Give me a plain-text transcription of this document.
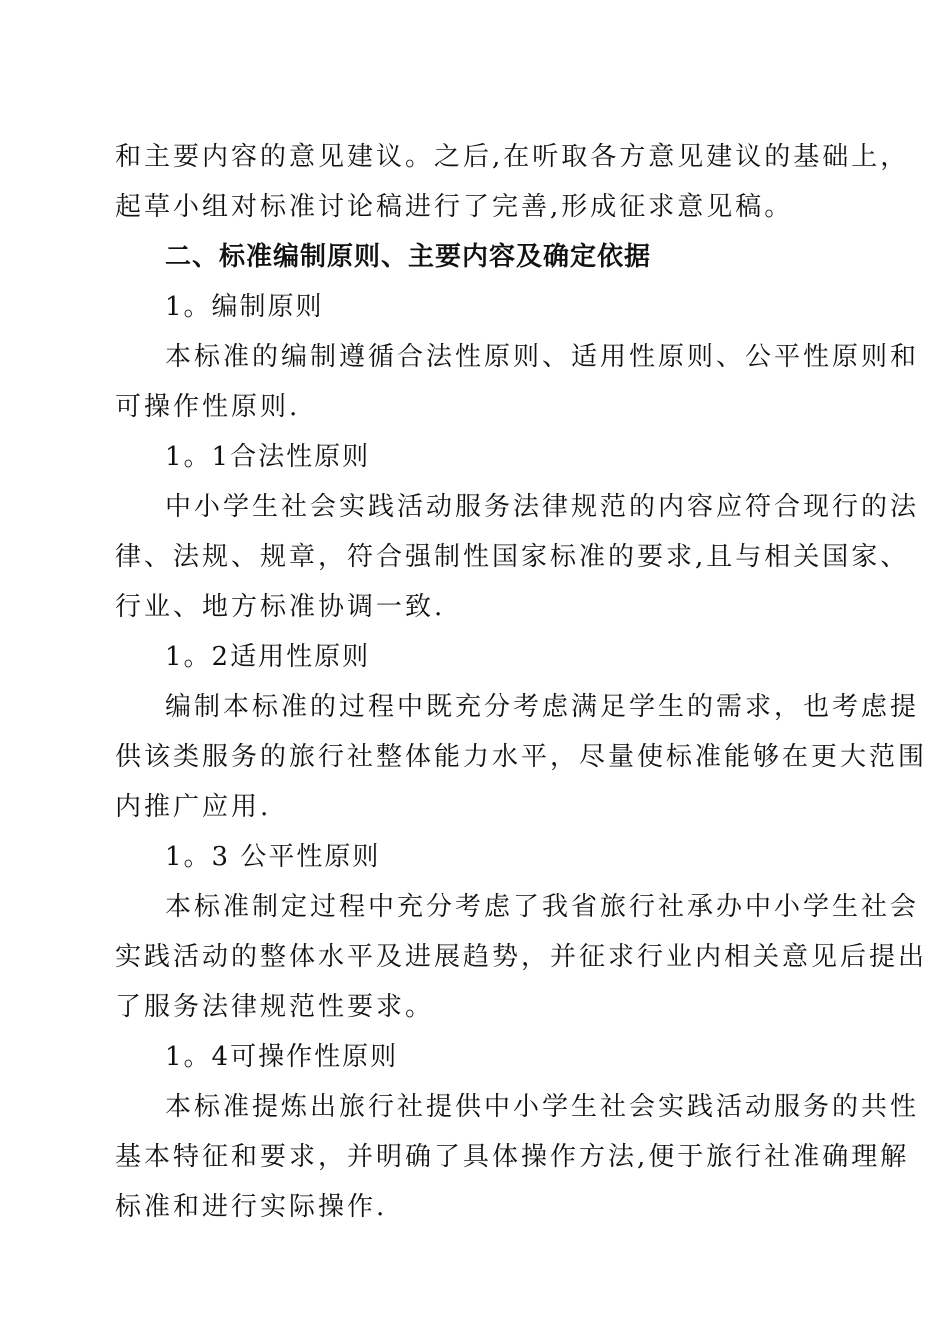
和主要内容的意见建议。之后,在听取各方意见建议的基础上，
起草小组对标准讨论稿进行了完善,形成征求意见稿。
二、标准编制原则、主要内容及确定依据
1。编制原则
本标准的编制遵循合法性原则、适用性原则、公平性原则和
可操作性原则.
1。1合法性原则
中小学生社会实践活动服务法律规范的内容应符合现行的法
律、法规、规章，符合强制性国家标准的要求,且与相关国家、
行业、地方标准协调一致.
1。2适用性原则
编制本标准的过程中既充分考虑满足学生的需求，也考虑提
供该类服务的旅行社整体能力水平，尽量使标准能够在更大范围
内推广应用.
1。3 公平性原则
本标准制定过程中充分考虑了我省旅行社承办中小学生社会
实践活动的整体水平及进展趋势，并征求行业内相关意见后提出
了服务法律规范性要求。
1。4可操作性原则
本标准提炼出旅行社提供中小学生社会实践活动服务的共性
基本特征和要求，并明确了具体操作方法,便于旅行社准确理解
标准和进行实际操作.
